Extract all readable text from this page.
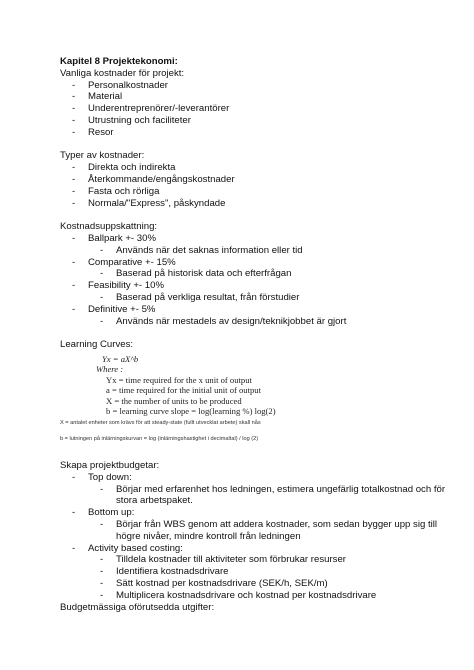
Kapitel 8 Projektekonomi:
Vanliga kostnader för projekt:
- Personalkostnader
- Material
- Underentreprenörer/-leverantörer
- Utrustning och faciliteter
- Resor
Typer av kostnader:
- Direkta och indirekta
- Återkommande/engångskostnader
- Fasta och rörliga
- Normala/"Express", påskyndade
Kostnadsuppskattning:
- Ballpark +- 30%
- Används när det saknas information eller tid
- Comparative +- 15%
- Baserad på historisk data och efterfrågan
- Feasibility +- 10%
- Baserad på verkliga resultat, från förstudier
- Definitive +- 5%
- Används när mestadels av design/teknikjobbet är gjort
Learning Curves:
Yx = aX^b
Where :
Yx = time required for the x unit of output
a = time required for the initial unit of output
X = the number of units to be produced
b = learning curve slope = log(learning %) log(2)
X = antalet enheter som krävs för att steady-state (fullt utvecklat arbete) skall nås
b = lutningen på inlärningskurvan = log (inlärningshastighet i decimaltal) / log (2)
Skapa projektbudgetar:
- Top down:
- Börjar med erfarenhet hos ledningen, estimera ungefärlig totalkostnad och för stora arbetspaket.
- Bottom up:
- Börjar från WBS genom att addera kostnader, som sedan bygger upp sig till högre nivåer, mindre kontroll från ledningen
- Activity based costing:
- Tilldela kostnader till aktiviteter som förbrukar resurser
- Identifiera kostnadsdrivare
- Sätt kostnad per kostnadsdrivare (SEK/h, SEK/m)
- Multiplicera kostnadsdrivare och kostnad per kostnadsdrivare
Budgetmässiga oförutsedda utgifter:
